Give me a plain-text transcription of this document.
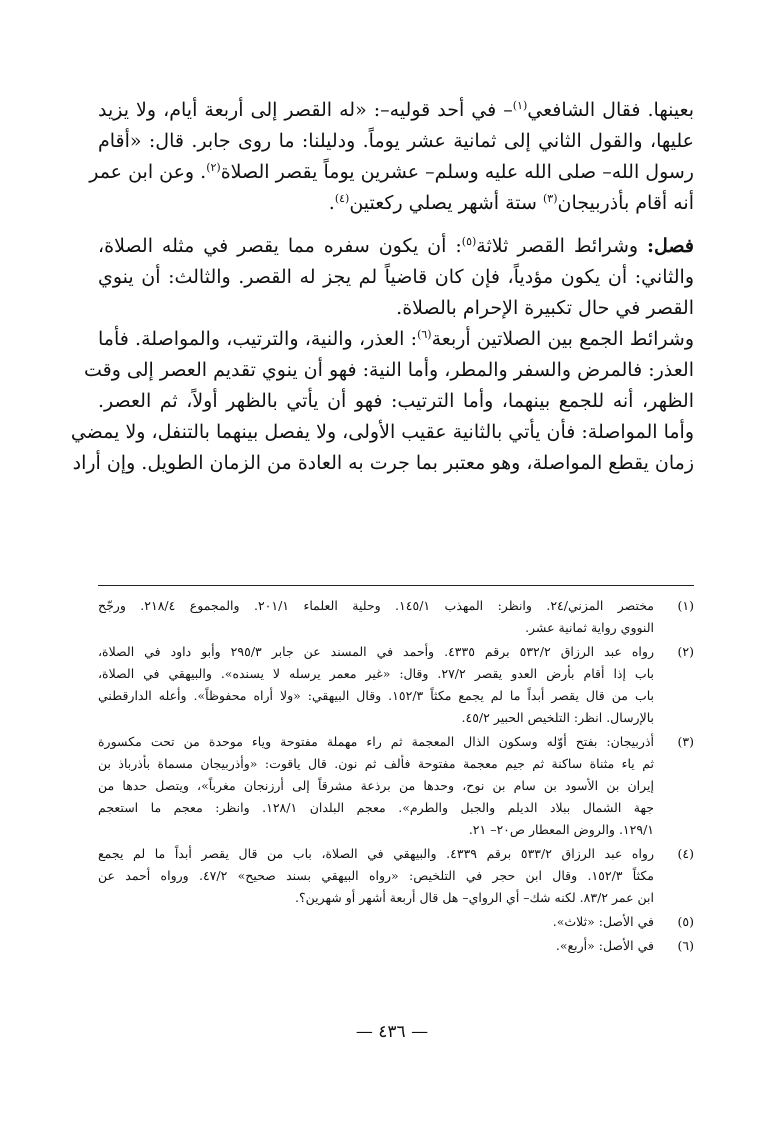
بعينها. فقال الشافعي$^{(١)}$– في أحد قوليه–: «له القصر إلى أربعة أيام، ولا يزيد
عليها، والقول الثاني إلى ثمانية عشر يوماً. ودليلنا: ما روى جابر. قال: «أقام
رسول الله– صلى الله عليه وسلم– عشرين يوماً يقصر الصلاة$^{(٢)}$. وعن ابن عمر
أنه أقام بأذربيجان$^{(٣)}$ ستة أشهر يصلي ركعتين$^{(٤)}$.
فصل: وشرائط القصر ثلاثة$^{(٥)}$: أن يكون سفره مما يقصر في مثله الصلاة،
والثاني: أن يكون مؤدياً، فإن كان قاضياً لم يجز له القصر. والثالث: أن ينوي
القصر في حال تكبيرة الإحرام بالصلاة.
وشرائط الجمع بين الصلاتين أربعة$^{(٦)}$: العذر، والنية، والترتيب، والمواصلة. فأما
العذر: فالمرض والسفر والمطر، وأما النية: فهو أن ينوي تقديم العصر إلى وقت
الظهر، أنه للجمع بينهما، وأما الترتيب: فهو أن يأتي بالظهر أولاً، ثم العصر.
وأما المواصلة: فأن يأتي بالثانية عقيب الأولى، ولا يفصل بينهما بالتنفل، ولا يمضي
زمان يقطع المواصلة، وهو معتبر بما جرت به العادة من الزمان الطويل. وإن أراد
(١)
مختصر المزني/٢٤. وانظر: المهذب ١٤٥/١. وحلية العلماء ٢٠١/١. والمجموع ٢١٨/٤. ورجّح
النووي رواية ثمانية عشر.
(٢)
رواه عبد الرزاق ٥٣٢/٢ برقم ٤٣٣٥. وأحمد في المسند عن جابر ٢٩٥/٣ وأبو داود في الصلاة،
باب إذا أقام بأرض العدو يقصر ٢٧/٢. وقال: «غير معمر يرسله لا يسنده». والبيهقي في الصلاة،
باب من قال يقصر أبداً ما لم يجمع مكثاً ١٥٢/٣. وقال البيهقي: «ولا أراه محفوظاً». وأعله الدارقطني
بالإرسال. انظر: التلخيص الحبير ٤٥/٢.
(٣)
أذربيجان: بفتح أوّله وسكون الذال المعجمة ثم راء مهملة مفتوحة وياء موحدة من تحت مكسورة
ثم ياء مثناة ساكنة ثم جيم معجمة مفتوحة فألف ثم نون. قال ياقوت: «وأذربيجان مسماة بأذرباذ بن
إيران بن الأسود بن سام بن نوح، وحدها من برذعة مشرقاً إلى أرزنجان مغرباً»، ويتصل حدها من
جهة الشمال ببلاد الديلم والجبل والطرم». معجم البلدان ١٢٨/١. وانظر: معجم ما استعجم
١٢٩/١. والروض المعطار ص٢٠– ٢١.
(٤)
رواه عبد الرزاق ٥٣٣/٢ برقم ٤٣٣٩. والبيهقي في الصلاة، باب من قال يقصر أبداً ما لم يجمع
مكثاً ١٥٢/٣. وقال ابن حجر في التلخيص: «رواه البيهقي بسند صحيح» ٤٧/٢. ورواه أحمد عن
ابن عمر ٨٣/٢. لكنه شك– أي الرواي– هل قال أربعة أشهر أو شهرين؟.
(٥)
في الأصل: «ثلاث».
(٦)
في الأصل: «أربع».
— ٤٣٦ —
